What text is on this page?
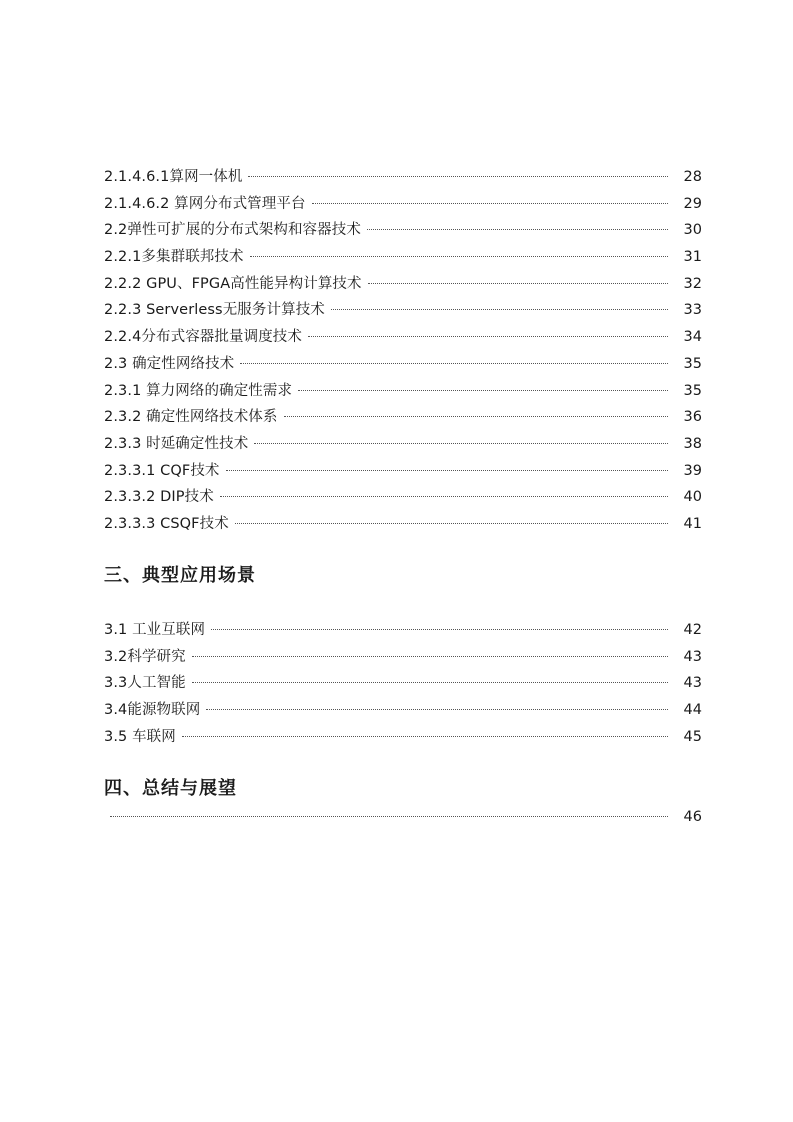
2.1.4.6.1算网一体机	28
2.1.4.6.2 算网分布式管理平台	29
2.2弹性可扩展的分布式架构和容器技术	30
2.2.1多集群联邦技术	31
2.2.2 GPU、FPGA高性能异构计算技术	32
2.2.3 Serverless无服务计算技术	33
2.2.4分布式容器批量调度技术	34
2.3 确定性网络技术	35
2.3.1 算力网络的确定性需求	35
2.3.2 确定性网络技术体系	36
2.3.3 时延确定性技术	38
2.3.3.1 CQF技术	39
2.3.3.2 DIP技术	40
2.3.3.3 CSQF技术	41
三、典型应用场景
3.1 工业互联网	42
3.2科学研究	43
3.3人工智能	43
3.4能源物联网	44
3.5 车联网	45
四、总结与展望
46
